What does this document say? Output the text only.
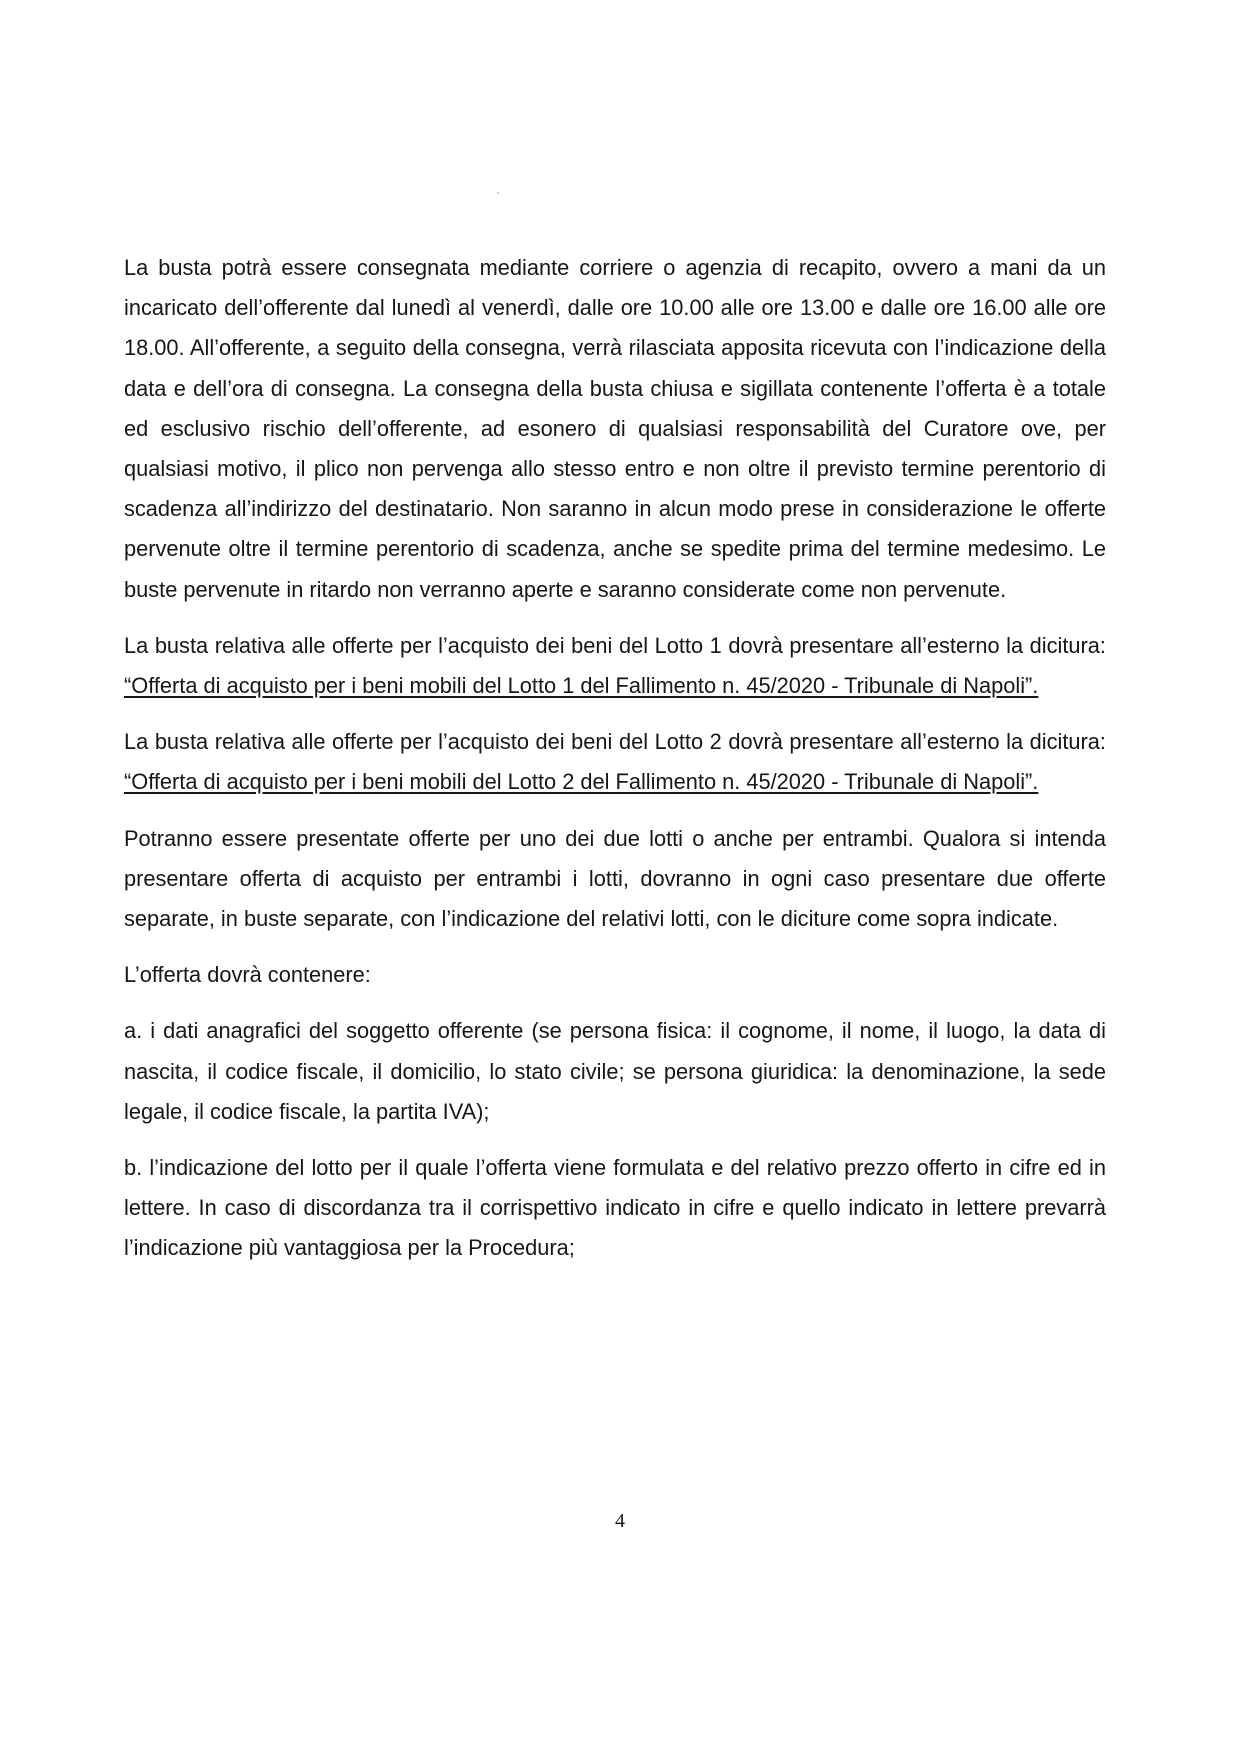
La busta potrà essere consegnata mediante corriere o agenzia di recapito, ovvero a mani da un incaricato dell’offerente dal lunedì al venerdì, dalle ore 10.00 alle ore 13.00 e dalle ore 16.00 alle ore 18.00. All’offerente, a seguito della consegna, verrà rilasciata apposita ricevuta con l’indicazione della data e dell’ora di consegna. La consegna della busta chiusa e sigillata contenente l’offerta è a totale ed esclusivo rischio dell’offerente, ad esonero di qualsiasi responsabilità del Curatore ove, per qualsiasi motivo, il plico non pervenga allo stesso entro e non oltre il previsto termine perentorio di scadenza all’indirizzo del destinatario. Non saranno in alcun modo prese in considerazione le offerte pervenute oltre il termine perentorio di scadenza, anche se spedite prima del termine medesimo. Le buste pervenute in ritardo non verranno aperte e saranno considerate come non pervenute.

La busta relativa alle offerte per l’acquisto dei beni del Lotto 1 dovrà presentare all’esterno la dicitura: “Offerta di acquisto per i beni mobili del Lotto 1 del Fallimento n. 45/2020 - Tribunale di Napoli”.

La busta relativa alle offerte per l’acquisto dei beni del Lotto 2 dovrà presentare all’esterno la dicitura: “Offerta di acquisto per i beni mobili del Lotto 2 del Fallimento n. 45/2020 - Tribunale di Napoli”.

Potranno essere presentate offerte per uno dei due lotti o anche per entrambi. Qualora si intenda presentare offerta di acquisto per entrambi i lotti, dovranno in ogni caso presentare due offerte separate, in buste separate, con l’indicazione del relativi lotti, con le diciture come sopra indicate.

L’offerta dovrà contenere:

a. i dati anagrafici del soggetto offerente (se persona fisica: il cognome, il nome, il luogo, la data di nascita, il codice fiscale, il domicilio, lo stato civile; se persona giuridica: la denominazione, la sede legale, il codice fiscale, la partita IVA);

b. l’indicazione del lotto per il quale l’offerta viene formulata e del relativo prezzo offerto in cifre ed in lettere. In caso di discordanza tra il corrispettivo indicato in cifre e quello indicato in lettere prevarrà l’indicazione più vantaggiosa per la Procedura;

4
